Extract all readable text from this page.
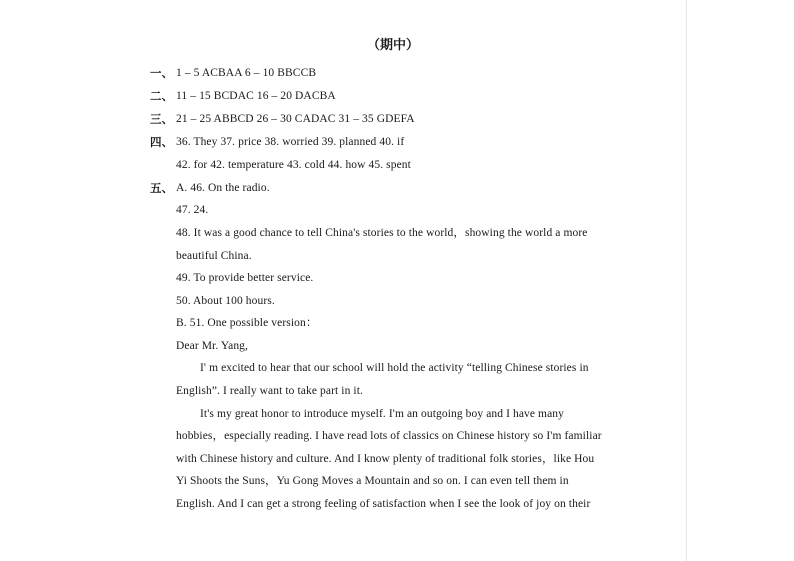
（期中）
一、 1 – 5 ACBAA 6 – 10 BBCCB
二、 11 – 15 BCDAC 16 – 20 DACBA
三、 21 – 25 ABBCD 26 – 30 CADAC 31 – 35 GDEFA
四、 36. They 37. price 38. worried 39. planned 40. if
42. for 42. temperature 43. cold 44. how 45. spent
五、 A. 46. On the radio.
47. 24.
48. It was a good chance to tell China's stories to the world，showing the world a more
beautiful China.
49. To provide better service.
50. About 100 hours.
B. 51. One possible version：
Dear Mr. Yang,
I' m excited to hear that our school will hold the activity “telling Chinese stories in
English”. I really want to take part in it.
It's my great honor to introduce myself. I'm an outgoing boy and I have many
hobbies，especially reading. I have read lots of classics on Chinese history so I'm familiar
with Chinese history and culture. And I know plenty of traditional folk stories，like Hou
Yi Shoots the Suns，Yu Gong Moves a Mountain and so on. I can even tell them in
English. And I can get a strong feeling of satisfaction when I see the look of joy on their
